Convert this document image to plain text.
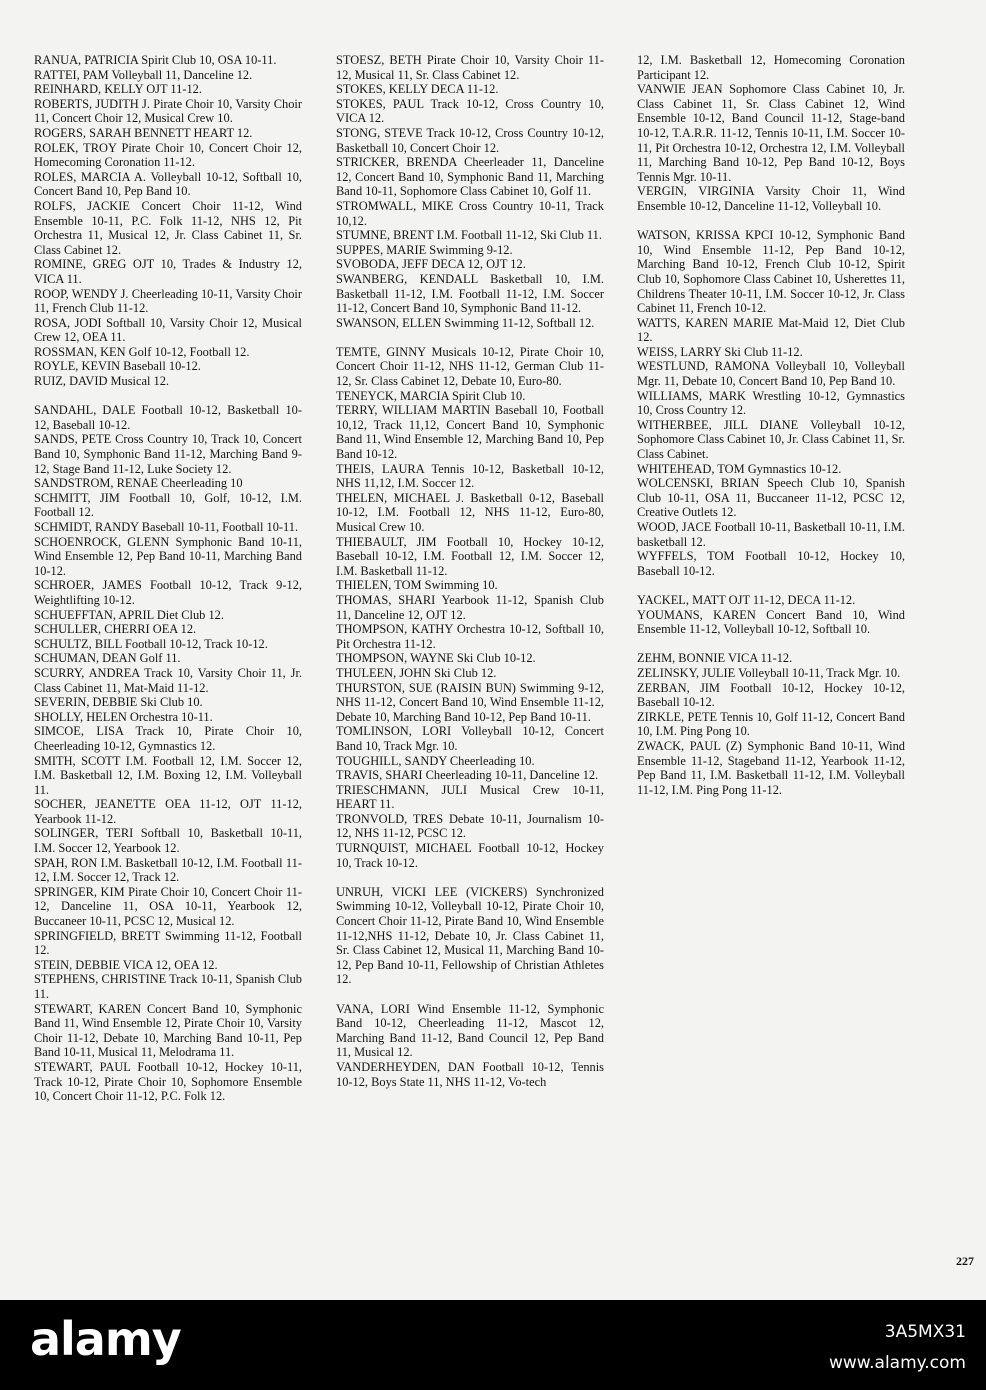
RANUA, PATRICIA Spirit Club 10, OSA 10-11.

RATTEI, PAM Volleyball 11, Danceline 12.

REINHARD, KELLY OJT 11-12.

ROBERTS, JUDITH J. Pirate Choir 10, Varsity Choir 11, Concert Choir 12, Musical Crew 10.

ROGERS, SARAH BENNETT HEART 12.

ROLEK, TROY Pirate Choir 10, Concert Choir 12, Homecoming Coronation 11-12.

ROLES, MARCIA A. Volleyball 10-12, Softball 10, Concert Band 10, Pep Band 10.

ROLFS, JACKIE Concert Choir 11-12, Wind Ensemble 10-11, P.C. Folk 11-12, NHS 12, Pit Orchestra 11, Musical 12, Jr. Class Cabinet 11, Sr. Class Cabinet 12.

ROMINE, GREG OJT 10, Trades & Industry 12, VICA 11.

ROOP, WENDY J. Cheerleading 10-11, Varsity Choir 11, French Club 11-12.

ROSA, JODI Softball 10, Varsity Choir 12, Musical Crew 12, OEA 11.

ROSSMAN, KEN Golf 10-12, Football 12.

ROYLE, KEVIN Baseball 10-12.

RUIZ, DAVID Musical 12.

SANDAHL, DALE Football 10-12, Basketball 10-12, Baseball 10-12.

SANDS, PETE Cross Country 10, Track 10, Concert Band 10, Symphonic Band 11-12, Marching Band 9-12, Stage Band 11-12, Luke Society 12.

SANDSTROM, RENAE Cheerleading 10

SCHMITT, JIM Football 10, Golf, 10-12, I.M. Football 12.

SCHMIDT, RANDY Baseball 10-11, Football 10-11.

SCHOENROCK, GLENN Symphonic Band 10-11, Wind Ensemble 12, Pep Band 10-11, Marching Band 10-12.

SCHROER, JAMES Football 10-12, Track 9-12, Weightlifting 10-12.

SCHUEFFTAN, APRIL Diet Club 12.

SCHULLER, CHERRI OEA 12.

SCHULTZ, BILL Football 10-12, Track 10-12.

SCHUMAN, DEAN Golf 11.

SCURRY, ANDREA Track 10, Varsity Choir 11, Jr. Class Cabinet 11, Mat-Maid 11-12.

SEVERIN, DEBBIE Ski Club 10.

SHOLLY, HELEN Orchestra 10-11.

SIMCOE, LISA Track 10, Pirate Choir 10, Cheerleading 10-12, Gymnastics 12.

SMITH, SCOTT I.M. Football 12, I.M. Soccer 12, I.M. Basketball 12, I.M. Boxing 12, I.M. Volleyball 11.

SOCHER, JEANETTE OEA 11-12, OJT 11-12, Yearbook 11-12.

SOLINGER, TERI Softball 10, Basketball 10-11, I.M. Soccer 12, Yearbook 12.

SPAH, RON I.M. Basketball 10-12, I.M. Football 11-12, I.M. Soccer 12, Track 12.

SPRINGER, KIM Pirate Choir 10, Concert Choir 11-12, Danceline 11, OSA 10-11, Yearbook 12, Buccaneer 10-11, PCSC 12, Musical 12.

SPRINGFIELD, BRETT Swimming 11-12, Football 12.

STEIN, DEBBIE VICA 12, OEA 12.

STEPHENS, CHRISTINE Track 10-11, Spanish Club 11.

STEWART, KAREN Concert Band 10, Symphonic Band 11, Wind Ensemble 12, Pirate Choir 10, Varsity Choir 11-12, Debate 10, Marching Band 10-11, Pep Band 10-11, Musical 11, Melodrama 11.

STEWART, PAUL Football 10-12, Hockey 10-11, Track 10-12, Pirate Choir 10, Sophomore Ensemble 10, Concert Choir 11-12, P.C. Folk 12.

STOESZ, BETH Pirate Choir 10, Varsity Choir 11-12, Musical 11, Sr. Class Cabinet 12.

STOKES, KELLY DECA 11-12.

STOKES, PAUL Track 10-12, Cross Country 10, VICA 12.

STONG, STEVE Track 10-12, Cross Country 10-12, Basketball 10, Concert Choir 12.

STRICKER, BRENDA Cheerleader 11, Danceline 12, Concert Band 10, Symphonic Band 11, Marching Band 10-11, Sophomore Class Cabinet 10, Golf 11.

STROMWALL, MIKE Cross Country 10-11, Track 10,12.

STUMNE, BRENT I.M. Football 11-12, Ski Club 11.

SUPPES, MARIE Swimming 9-12.

SVOBODA, JEFF DECA 12, OJT 12.

SWANBERG, KENDALL Basketball 10, I.M. Basketball 11-12, I.M. Football 11-12, I.M. Soccer 11-12, Concert Band 10, Symphonic Band 11-12.

SWANSON, ELLEN Swimming 11-12, Softball 12.

TEMTE, GINNY Musicals 10-12, Pirate Choir 10, Concert Choir 11-12, NHS 11-12, German Club 11-12, Sr. Class Cabinet 12, Debate 10, Euro-80.

TENEYCK, MARCIA Spirit Club 10.

TERRY, WILLIAM MARTIN Baseball 10, Football 10,12, Track 11,12, Concert Band 10, Symphonic Band 11, Wind Ensemble 12, Marching Band 10, Pep Band 10-12.

THEIS, LAURA Tennis 10-12, Basketball 10-12, NHS 11,12, I.M. Soccer 12.

THELEN, MICHAEL J. Basketball 0-12, Baseball 10-12, I.M. Football 12, NHS 11-12, Euro-80, Musical Crew 10.

THIEBAULT, JIM Football 10, Hockey 10-12, Baseball 10-12, I.M. Football 12, I.M. Soccer 12, I.M. Basketball 11-12.

THIELEN, TOM Swimming 10.

THOMAS, SHARI Yearbook 11-12, Spanish Club 11, Danceline 12, OJT 12.

THOMPSON, KATHY Orchestra 10-12, Softball 10, Pit Orchestra 11-12.

THOMPSON, WAYNE Ski Club 10-12.

THULEEN, JOHN Ski Club 12.

THURSTON, SUE (RAISIN BUN) Swimming 9-12, NHS 11-12, Concert Band 10, Wind Ensemble 11-12, Debate 10, Marching Band 10-12, Pep Band 10-11.

TOMLINSON, LORI Volleyball 10-12, Concert Band 10, Track Mgr. 10.

TOUGHILL, SANDY Cheerleading 10.

TRAVIS, SHARI Cheerleading 10-11, Danceline 12.

TRIESCHMANN, JULI Musical Crew 10-11, HEART 11.

TRONVOLD, TRES Debate 10-11, Journalism 10-12, NHS 11-12, PCSC 12.

TURNQUIST, MICHAEL Football 10-12, Hockey 10, Track 10-12.

UNRUH, VICKI LEE (VICKERS) Synchronized Swimming 10-12, Volleyball 10-12, Pirate Choir 10, Concert Choir 11-12, Pirate Band 10, Wind Ensemble 11-12,NHS 11-12, Debate 10, Jr. Class Cabinet 11, Sr. Class Cabinet 12, Musical 11, Marching Band 10-12, Pep Band 10-11, Fellowship of Christian Athletes 12.

VANA, LORI Wind Ensemble 11-12, Symphonic Band 10-12, Cheerleading 11-12, Mascot 12, Marching Band 11-12, Band Council 12, Pep Band 11, Musical 12.

VANDERHEYDEN, DAN Football 10-12, Tennis 10-12, Boys State 11, NHS 11-12, Vo-tech

12, I.M. Basketball 12, Homecoming Coronation Participant 12.

VANWIE JEAN Sophomore Class Cabinet 10, Jr. Class Cabinet 11, Sr. Class Cabinet 12, Wind Ensemble 10-12, Band Council 11-12, Stage-band 10-12, T.A.R.R. 11-12, Tennis 10-11, I.M. Soccer 10-11, Pit Orchestra 10-12, Orchestra 12, I.M. Volleyball 11, Marching Band 10-12, Pep Band 10-12, Boys Tennis Mgr. 10-11.

VERGIN, VIRGINIA Varsity Choir 11, Wind Ensemble 10-12, Danceline 11-12, Volleyball 10.

WATSON, KRISSA KPCI 10-12, Symphonic Band 10, Wind Ensemble 11-12, Pep Band 10-12, Marching Band 10-12, French Club 10-12, Spirit Club 10, Sophomore Class Cabinet 10, Usherettes 11, Childrens Theater 10-11, I.M. Soccer 10-12, Jr. Class Cabinet 11, French 10-12.

WATTS, KAREN MARIE Mat-Maid 12, Diet Club 12.

WEISS, LARRY Ski Club 11-12.

WESTLUND, RAMONA Volleyball 10, Volleyball Mgr. 11, Debate 10, Concert Band 10, Pep Band 10.

WILLIAMS, MARK Wrestling 10-12, Gymnastics 10, Cross Country 12.

WITHERBEE, JILL DIANE Volleyball 10-12, Sophomore Class Cabinet 10, Jr. Class Cabinet 11, Sr. Class Cabinet.

WHITEHEAD, TOM Gymnastics 10-12.

WOLCENSKI, BRIAN Speech Club 10, Spanish Club 10-11, OSA 11, Buccaneer 11-12, PCSC 12, Creative Outlets 12.

WOOD, JACE Football 10-11, Basketball 10-11, I.M. basketball 12.

WYFFELS, TOM Football 10-12, Hockey 10, Baseball 10-12.

YACKEL, MATT OJT 11-12, DECA 11-12.

YOUMANS, KAREN Concert Band 10, Wind Ensemble 11-12, Volleyball 10-12, Softball 10.

ZEHM, BONNIE VICA 11-12.

ZELINSKY, JULIE Volleyball 10-11, Track Mgr. 10.

ZERBAN, JIM Football 10-12, Hockey 10-12, Baseball 10-12.

ZIRKLE, PETE Tennis 10, Golf 11-12, Concert Band 10, I.M. Ping Pong 10.

ZWACK, PAUL (Z) Symphonic Band 10-11, Wind Ensemble 11-12, Stageband 11-12, Yearbook 11-12, Pep Band 11, I.M. Basketball 11-12, I.M. Volleyball 11-12, I.M. Ping Pong 11-12.

227
alamy	3A5MX31
www.alamy.com
